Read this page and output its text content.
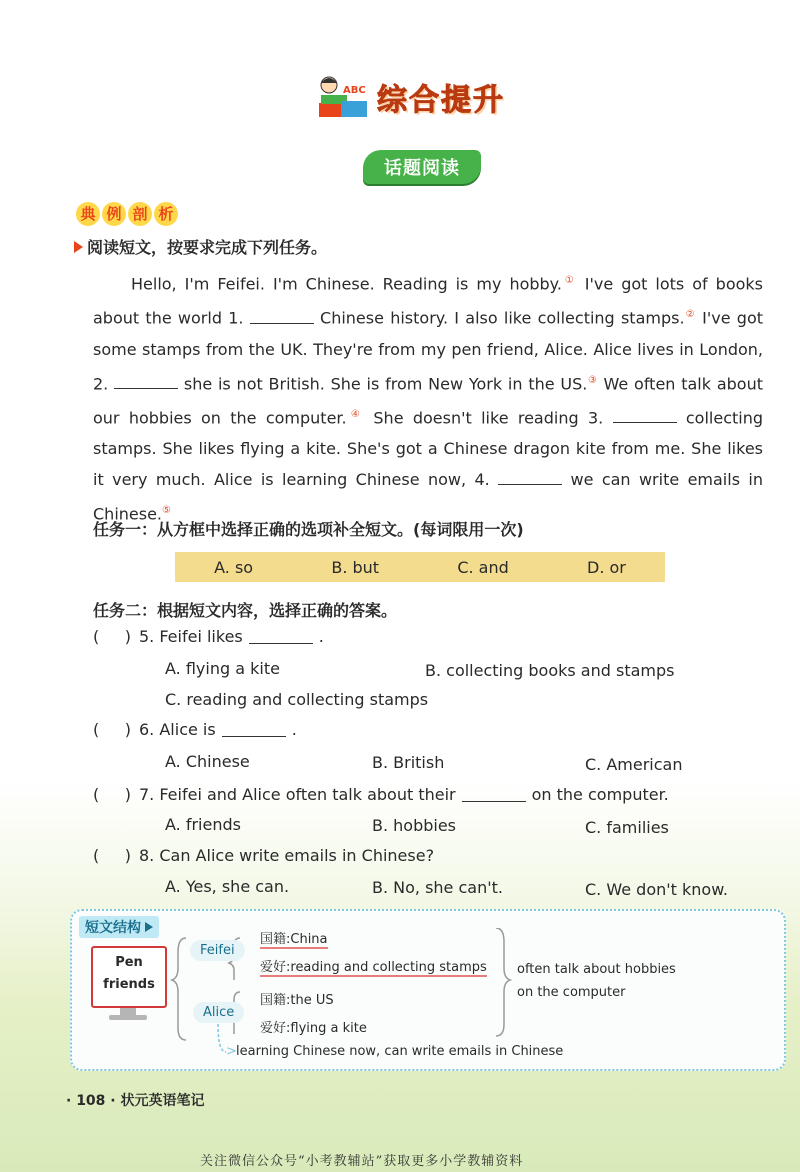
ABC 综合提升
话题阅读
典 例 剖 析
阅读短文，按要求完成下列任务。
Hello, I'm Feifei. I'm Chinese. Reading is my hobby.① I've got lots of books about the world 1.	Chinese history. I also like collecting stamps.② I've got some stamps from the UK. They're from my pen friend, Alice. Alice lives in London, 2.	she is not British. She is from New York in the US.③ We often talk about our hobbies on the computer.④ She doesn't like reading 3.	collecting stamps. She likes flying a kite. She's got a Chinese dragon kite from me. She likes it very much. Alice is learning Chinese now, 4.	we can write emails in Chinese.⑤
任务一：从方框中选择正确的选项补全短文。(每词限用一次)
A. so	B. but	C. and	D. or
任务二：根据短文内容，选择正确的答案。
( ) 5. Feifei likes	.
A. flying a kite	B. collecting books and stamps
C. reading and collecting stamps
( ) 6. Alice is	.
A. Chinese	B. British	C. American
( ) 7. Feifei and Alice often talk about their	on the computer.
A. friends	B. hobbies	C. families
( ) 8. Can Alice write emails in Chinese?
A. Yes, she can.	B. No, she can't.	C. We don't know.
短文结构
Pen
friends
Feifei
Alice
国籍:China
爱好:reading and collecting stamps
国籍:the US
爱好:flying a kite
often talk about hobbies
on the computer
> learning Chinese now, can write emails in Chinese
· 108 · 状元英语笔记
关注微信公众号“小考教辅站”获取更多小学教辅资料
